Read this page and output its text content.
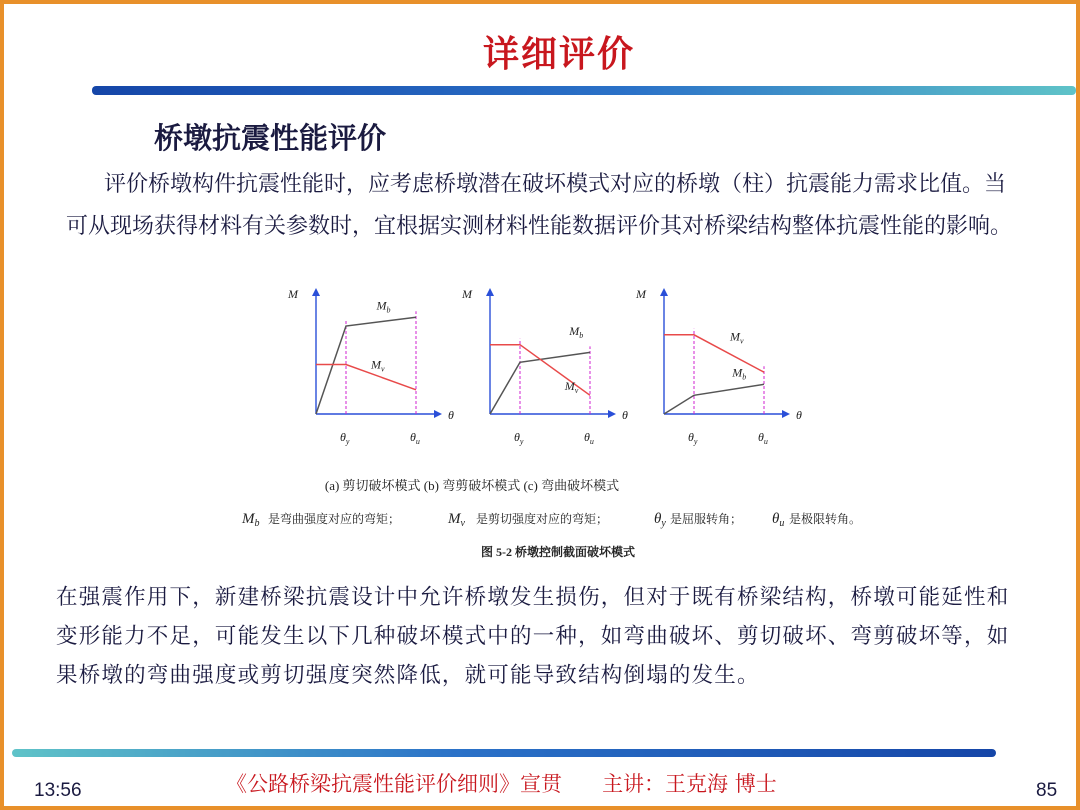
详细评价
桥墩抗震性能评价
评价桥墩构件抗震性能时，应考虑桥墩潜在破坏模式对应的桥墩（柱）抗震能力需求比值。当可从现场获得材料有关参数时，宜根据实测材料性能数据评价其对桥梁结构整体抗震性能的影响。
M
θ
$\theta_y$	$\theta_u$
$M_b$
$M_v$
M
θ
$\theta_y$	$\theta_u$
$M_b$
$M_v$
M
θ
$\theta_y$	$\theta_u$
$M_b$
$M_v$
(a) 剪切破坏模式 (b) 弯剪破坏模式 (c) 弯曲破坏模式
$M_b$ 是弯曲强度对应的弯矩；	$M_v$ 是剪切强度对应的弯矩；	$\theta_y$ 是屈服转角； $\theta_u$ 是极限转角。
图 5-2 桥墩控制截面破坏模式
在强震作用下，新建桥梁抗震设计中允许桥墩发生损伤，但对于既有桥梁结构，桥墩可能延性和变形能力不足，可能发生以下几种破坏模式中的一种，如弯曲破坏、剪切破坏、弯剪破坏等，如果桥墩的弯曲强度或剪切强度突然降低，就可能导致结构倒塌的发生。
13:56	《公路桥梁抗震性能评价细则》宣贯 主讲：王克海 博士	85
